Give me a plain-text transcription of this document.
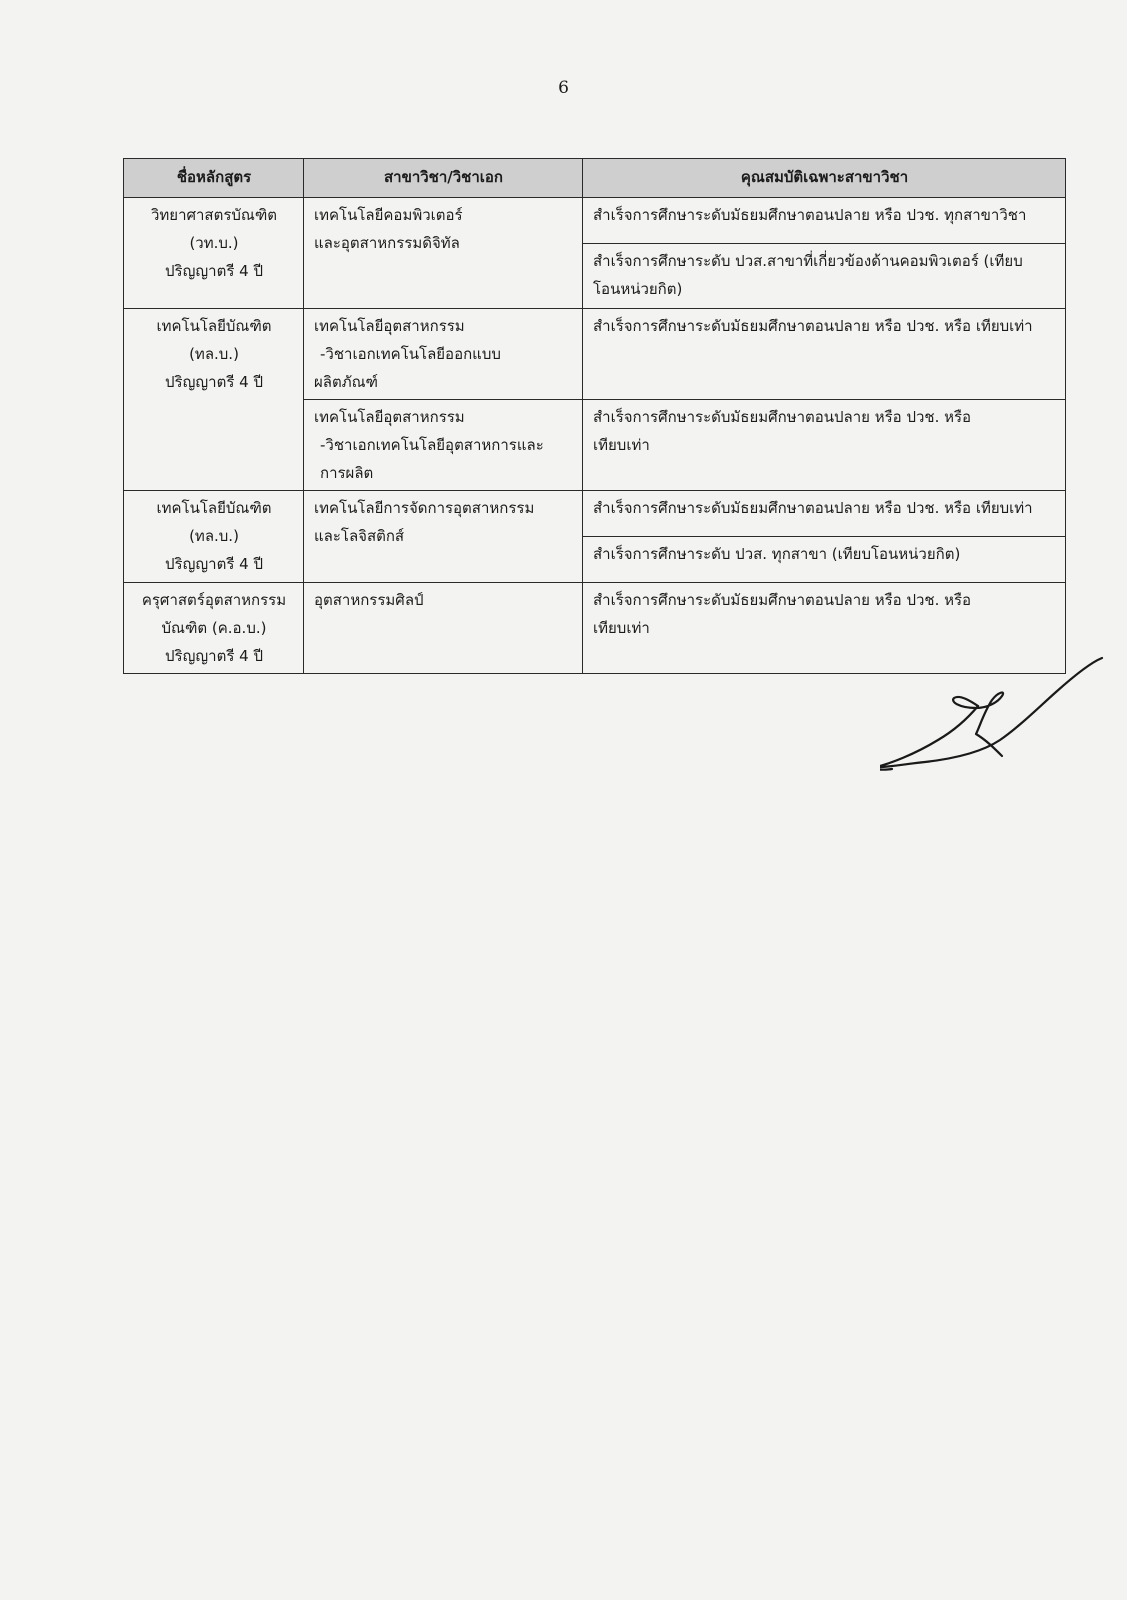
6
ชื่อหลักสูตร	สาขาวิชา/วิชาเอก	คุณสมบัติเฉพาะสาขาวิชา

วิทยาศาสตรบัณฑิต
(วท.บ.)
ปริญญาตรี 4 ปี	เทคโนโลยีคอมพิวเตอร์
และอุตสาหกรรมดิจิทัล	สำเร็จการศึกษาระดับมัธยมศึกษาตอนปลาย หรือ ปวช. ทุกสาขาวิชา

		สำเร็จการศึกษาระดับ ปวส.สาขาที่เกี่ยวข้องด้านคอมพิวเตอร์ (เทียบ
โอนหน่วยกิต)

เทคโนโลยีบัณฑิต
(ทล.บ.)
ปริญญาตรี 4 ปี	เทคโนโลยีอุตสาหกรรม
-วิชาเอกเทคโนโลยีออกแบบ
ผลิตภัณฑ์	สำเร็จการศึกษาระดับมัธยมศึกษาตอนปลาย หรือ ปวช. หรือ เทียบเท่า

	เทคโนโลยีอุตสาหกรรม
-วิชาเอกเทคโนโลยีอุตสาหการและ
การผลิต	สำเร็จการศึกษาระดับมัธยมศึกษาตอนปลาย หรือ ปวช. หรือ
เทียบเท่า

เทคโนโลยีบัณฑิต
(ทล.บ.)
ปริญญาตรี 4 ปี	เทคโนโลยีการจัดการอุตสาหกรรม
และโลจิสติกส์	สำเร็จการศึกษาระดับมัธยมศึกษาตอนปลาย หรือ ปวช. หรือ เทียบเท่า

		สำเร็จการศึกษาระดับ ปวส. ทุกสาขา (เทียบโอนหน่วยกิต)

ครุศาสตร์อุตสาหกรรม
บัณฑิต (ค.อ.บ.)
ปริญญาตรี 4 ปี	อุตสาหกรรมศิลป์	สำเร็จการศึกษาระดับมัธยมศึกษาตอนปลาย หรือ ปวช. หรือ
เทียบเท่า
